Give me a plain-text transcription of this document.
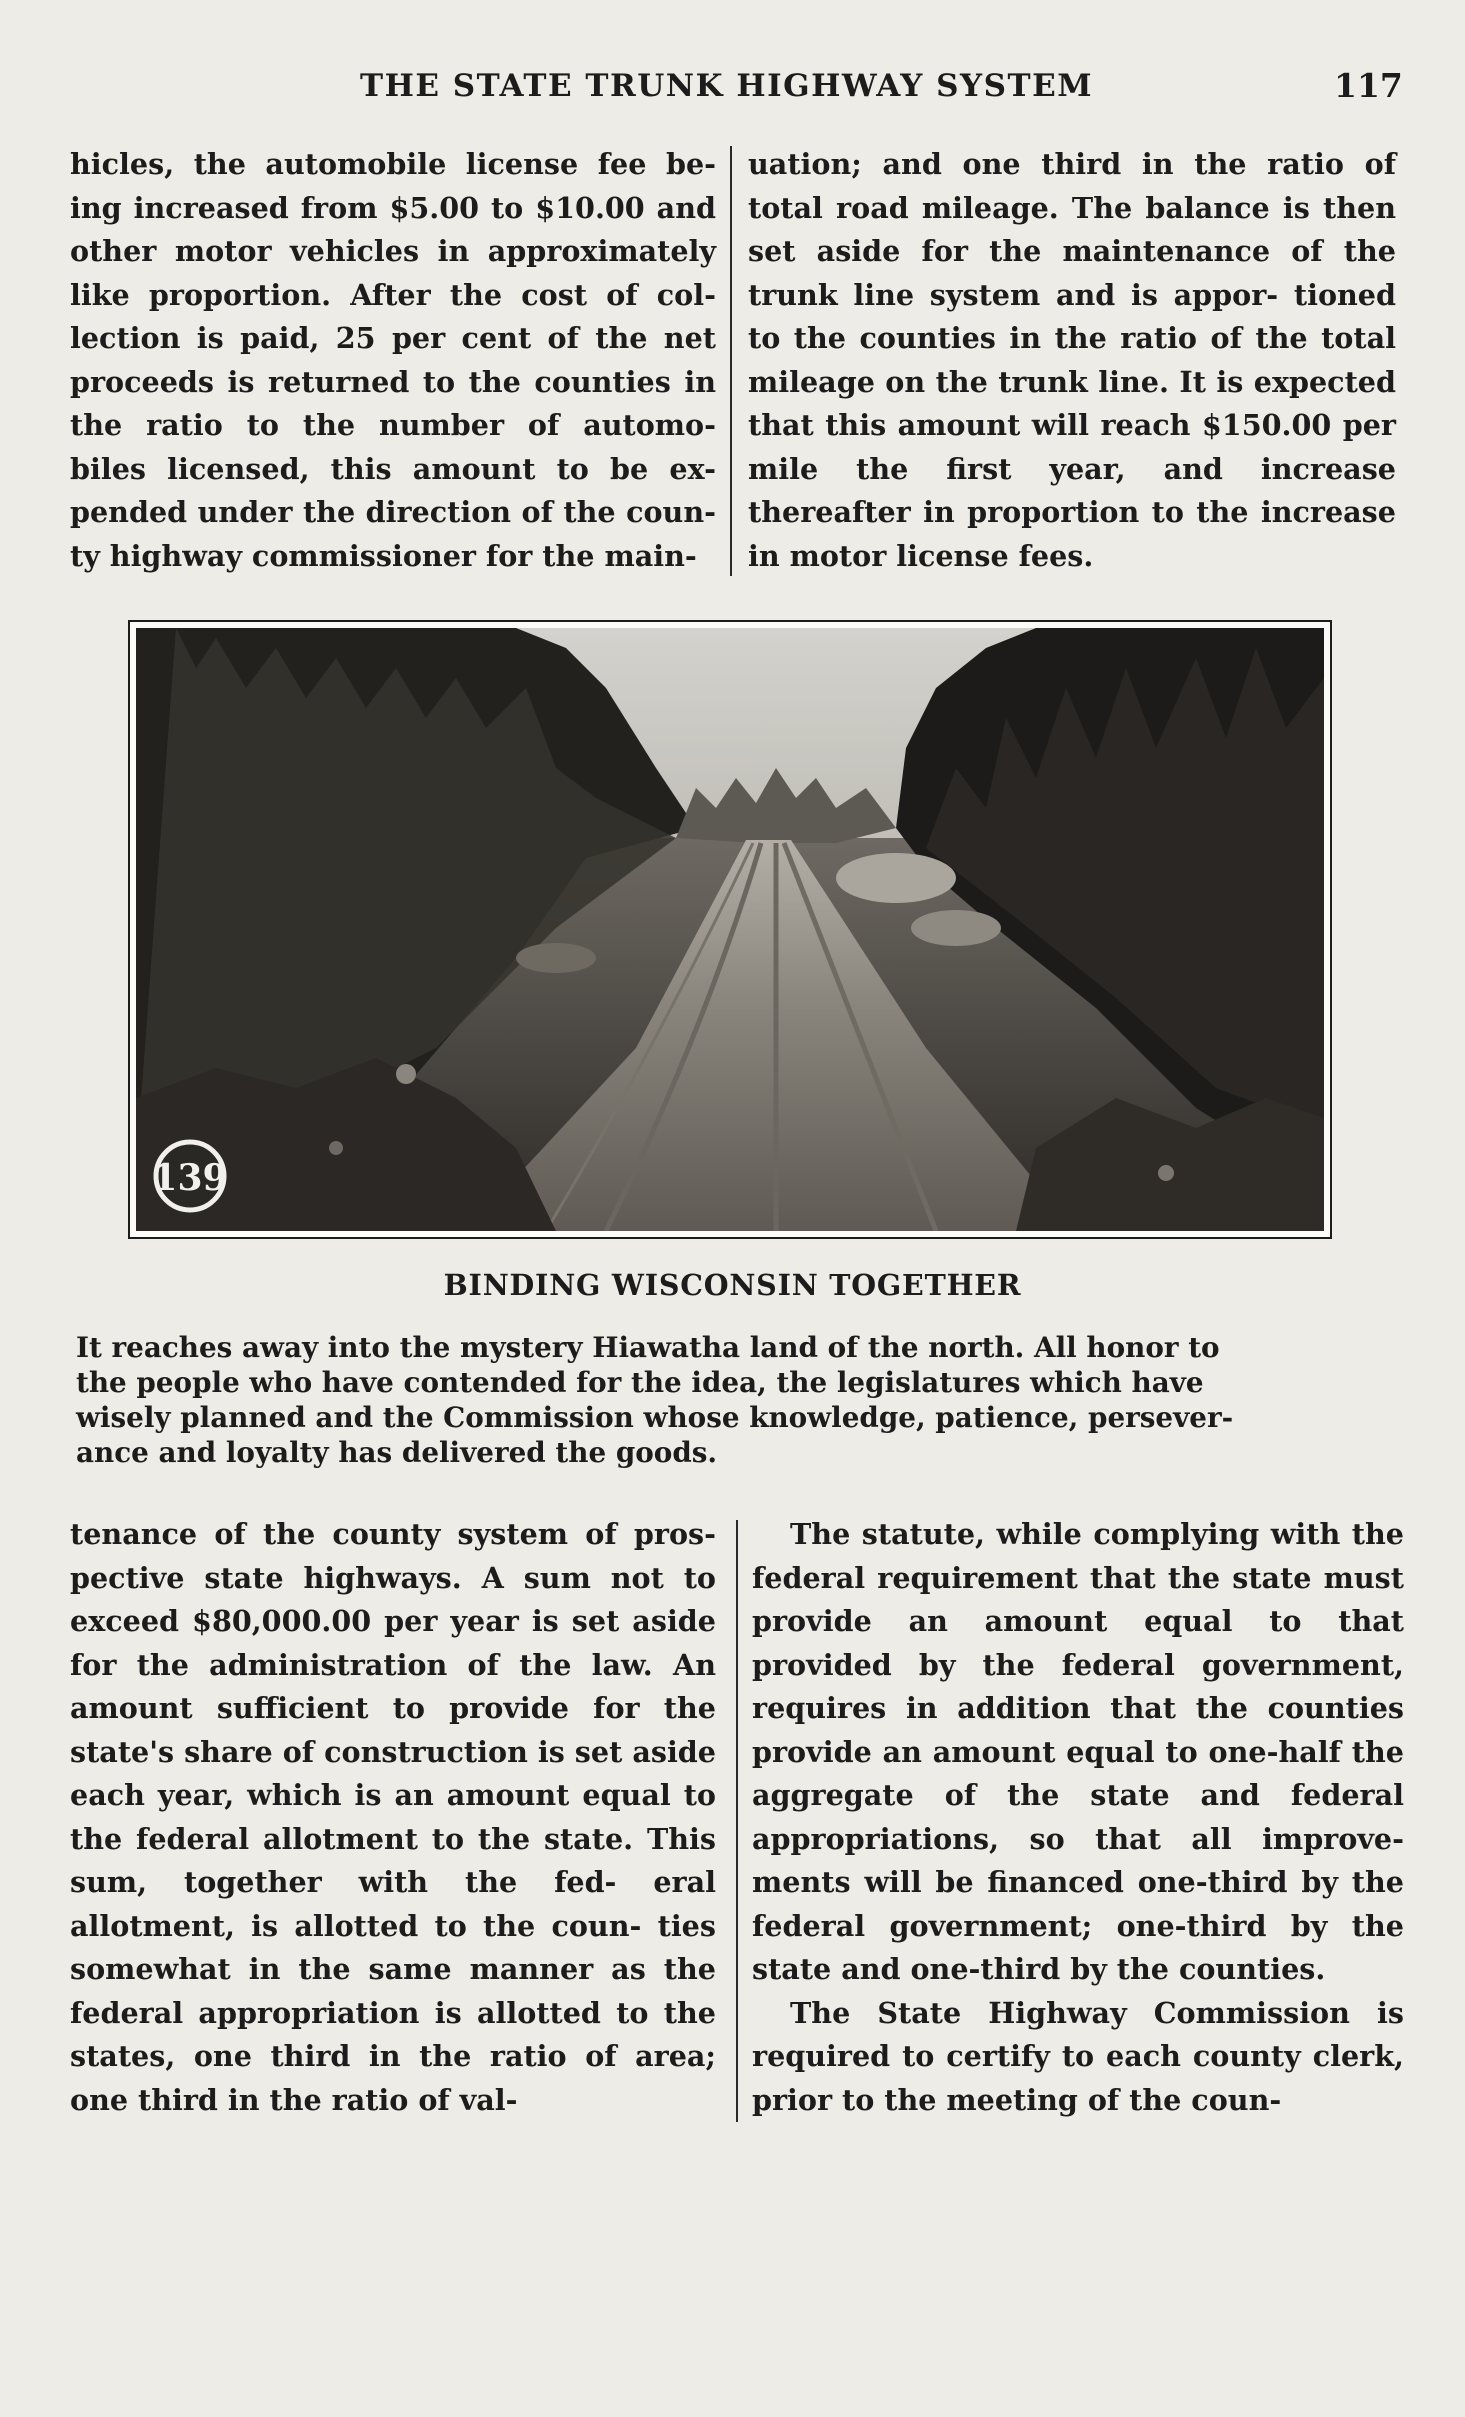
THE STATE TRUNK HIGHWAY SYSTEM	117

hicles, the automobile license fee be- ing increased from $5.00 to $10.00 and other motor vehicles in approximately like proportion. After the cost of col- lection is paid, 25 per cent of the net proceeds is returned to the counties in the ratio to the number of automo- biles licensed, this amount to be ex- pended under the direction of the coun- ty highway commissioner for the main-

uation; and one third in the ratio of total road mileage. The balance is then set aside for the maintenance of the trunk line system and is appor- tioned to the counties in the ratio of the total mileage on the trunk line. It is expected that this amount will reach $150.00 per mile the first year, and increase thereafter in proportion to the increase in motor license fees.

139
BINDING WISCONSIN TOGETHER
It reaches away into the mystery Hiawatha land of the north. All honor to
the people who have contended for the idea, the legislatures which have
wisely planned and the Commission whose knowledge, patience, persever-
ance and loyalty has delivered the goods.

tenance of the county system of pros- pective state highways. A sum not to exceed $80,000.00 per year is set aside for the administration of the law. An amount sufficient to provide for the state's share of construction is set aside each year, which is an amount equal to the federal allotment to the state. This sum, together with the fed- eral allotment, is allotted to the coun- ties somewhat in the same manner as the federal appropriation is allotted to the states, one third in the ratio of area; one third in the ratio of val-

The statute, while complying with the federal requirement that the state must provide an amount equal to that provided by the federal government, requires in addition that the counties provide an amount equal to one-half the aggregate of the state and federal appropriations, so that all improve- ments will be financed one-third by the federal government; one-third by the state and one-third by the counties.

The State Highway Commission is required to certify to each county clerk, prior to the meeting of the coun-
